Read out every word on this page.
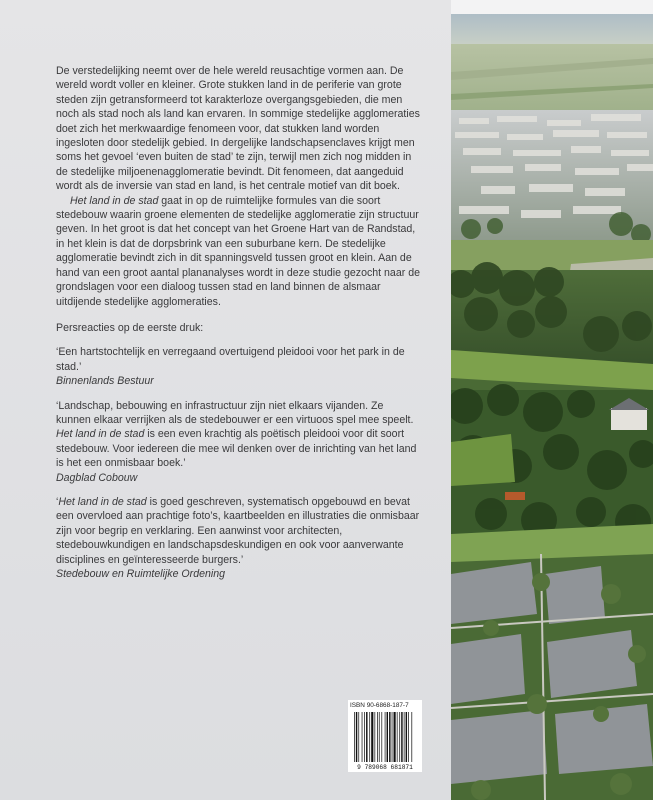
De verstedelijking neemt over de hele wereld reusachtige vormen aan. De wereld wordt voller en kleiner. Grote stukken land in de periferie van grote steden zijn getransformeerd tot karakterloze overgangsgebieden, die men noch als stad noch als land kan ervaren. In sommige stedelijke agglomeraties doet zich het merkwaardige fenomeen voor, dat stukken land worden ingesloten door stedelijk gebied. In dergelijke landschapsenclaves krijgt men soms het gevoel ‘even buiten de stad’ te zijn, terwijl men zich nog midden in de stedelijke miljoenenagglomeratie bevindt. Dit fenomeen, dat aangeduid wordt als de inversie van stad en land, is het centrale motief van dit boek.

Het land in de stad gaat in op de ruimtelijke formules van die soort stedebouw waarin groene elementen de stedelijke agglomeratie zijn structuur geven. In het groot is dat het concept van het Groene Hart van de Randstad, in het klein is dat de dorpsbrink van een suburbane kern. De stedelijke agglomeratie bevindt zich in dit spanningsveld tussen groot en klein. Aan de hand van een groot aantal plananalyses wordt in deze studie gezocht naar de grondslagen voor een dialoog tussen stad en land binnen de alsmaar uitdijende stedelijke agglomeraties.

Persreacties op de eerste druk:
‘Een hartstochtelijk en verregaand overtuigend pleidooi voor het park in de stad.’
Binnenlands Bestuur
‘Landschap, bebouwing en infrastructuur zijn niet elkaars vijanden. Ze kunnen elkaar verrijken als de stedebouwer er een virtuoos spel mee speelt. Het land in de stad is een even krachtig als poëtisch pleidooi voor dit soort stedebouw. Voor iedereen die mee wil denken over de inrichting van het land is het een onmisbaar boek.’
Dagblad Cobouw
‘Het land in de stad is goed geschreven, systematisch opgebouwd en bevat een overvloed aan prachtige foto’s, kaartbeelden en illustraties die onmisbaar zijn voor begrip en verklaring. Een aanwinst voor architecten, stedebouwkundigen en landschapsdeskundigen en ook voor aanverwante disciplines en geïnteresseerde burgers.’
Stedebouw en Ruimtelijke Ordening
ISBN 90-6868-187-7
9 789068 681871
